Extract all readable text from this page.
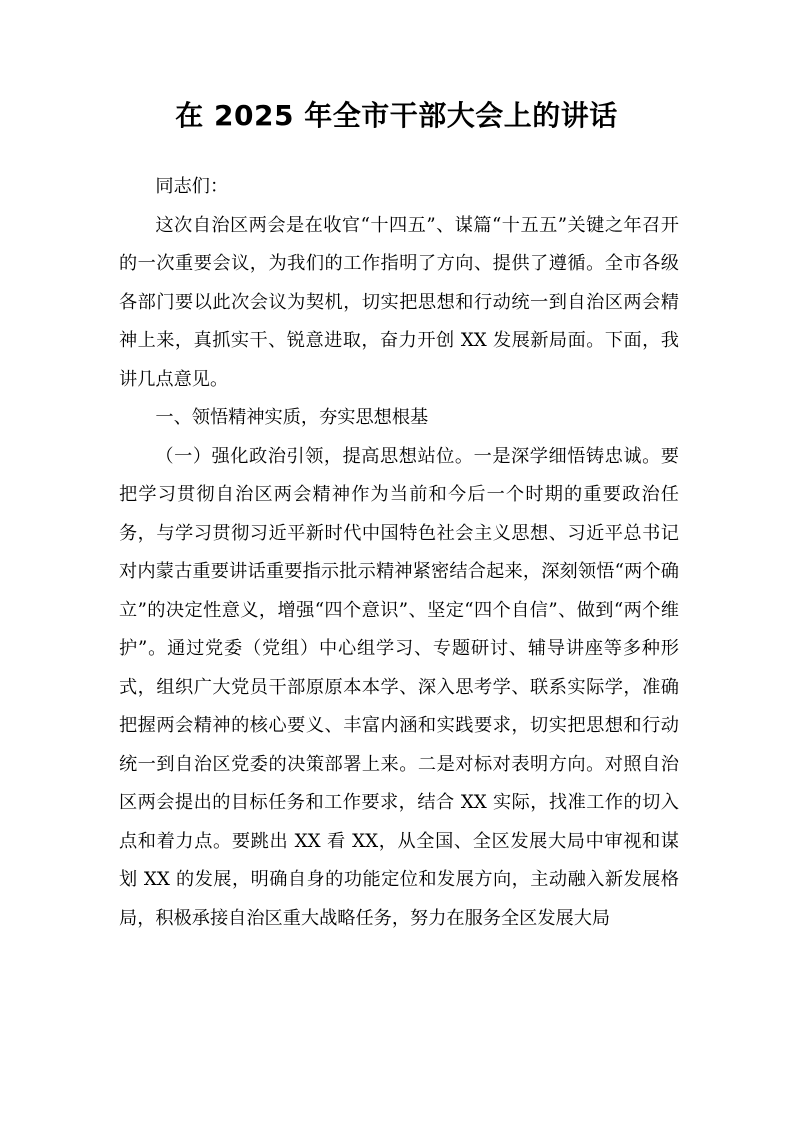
在 2025 年全市干部大会上的讲话

同志们：

这次自治区两会是在收官“十四五”、谋篇“十五五”关键之年召开的一次重要会议，为我们的工作指明了方向、提供了遵循。全市各级各部门要以此次会议为契机，切实把思想和行动统一到自治区两会精神上来，真抓实干、锐意进取，奋力开创 XX 发展新局面。下面，我讲几点意见。

一、领悟精神实质，夯实思想根基

（一）强化政治引领，提高思想站位。一是深学细悟铸忠诚。要把学习贯彻自治区两会精神作为当前和今后一个时期的重要政治任务，与学习贯彻习近平新时代中国特色社会主义思想、习近平总书记对内蒙古重要讲话重要指示批示精神紧密结合起来，深刻领悟“两个确立”的决定性意义，增强“四个意识”、坚定“四个自信”、做到“两个维护”。通过党委（党组）中心组学习、专题研讨、辅导讲座等多种形式，组织广大党员干部原原本本学、深入思考学、联系实际学，准确把握两会精神的核心要义、丰富内涵和实践要求，切实把思想和行动统一到自治区党委的决策部署上来。二是对标对表明方向。对照自治区两会提出的目标任务和工作要求，结合 XX 实际，找准工作的切入点和着力点。要跳出 XX 看 XX，从全国、全区发展大局中审视和谋划 XX 的发展，明确自身的功能定位和发展方向，主动融入新发展格局，积极承接自治区重大战略任务，努力在服务全区发展大局
